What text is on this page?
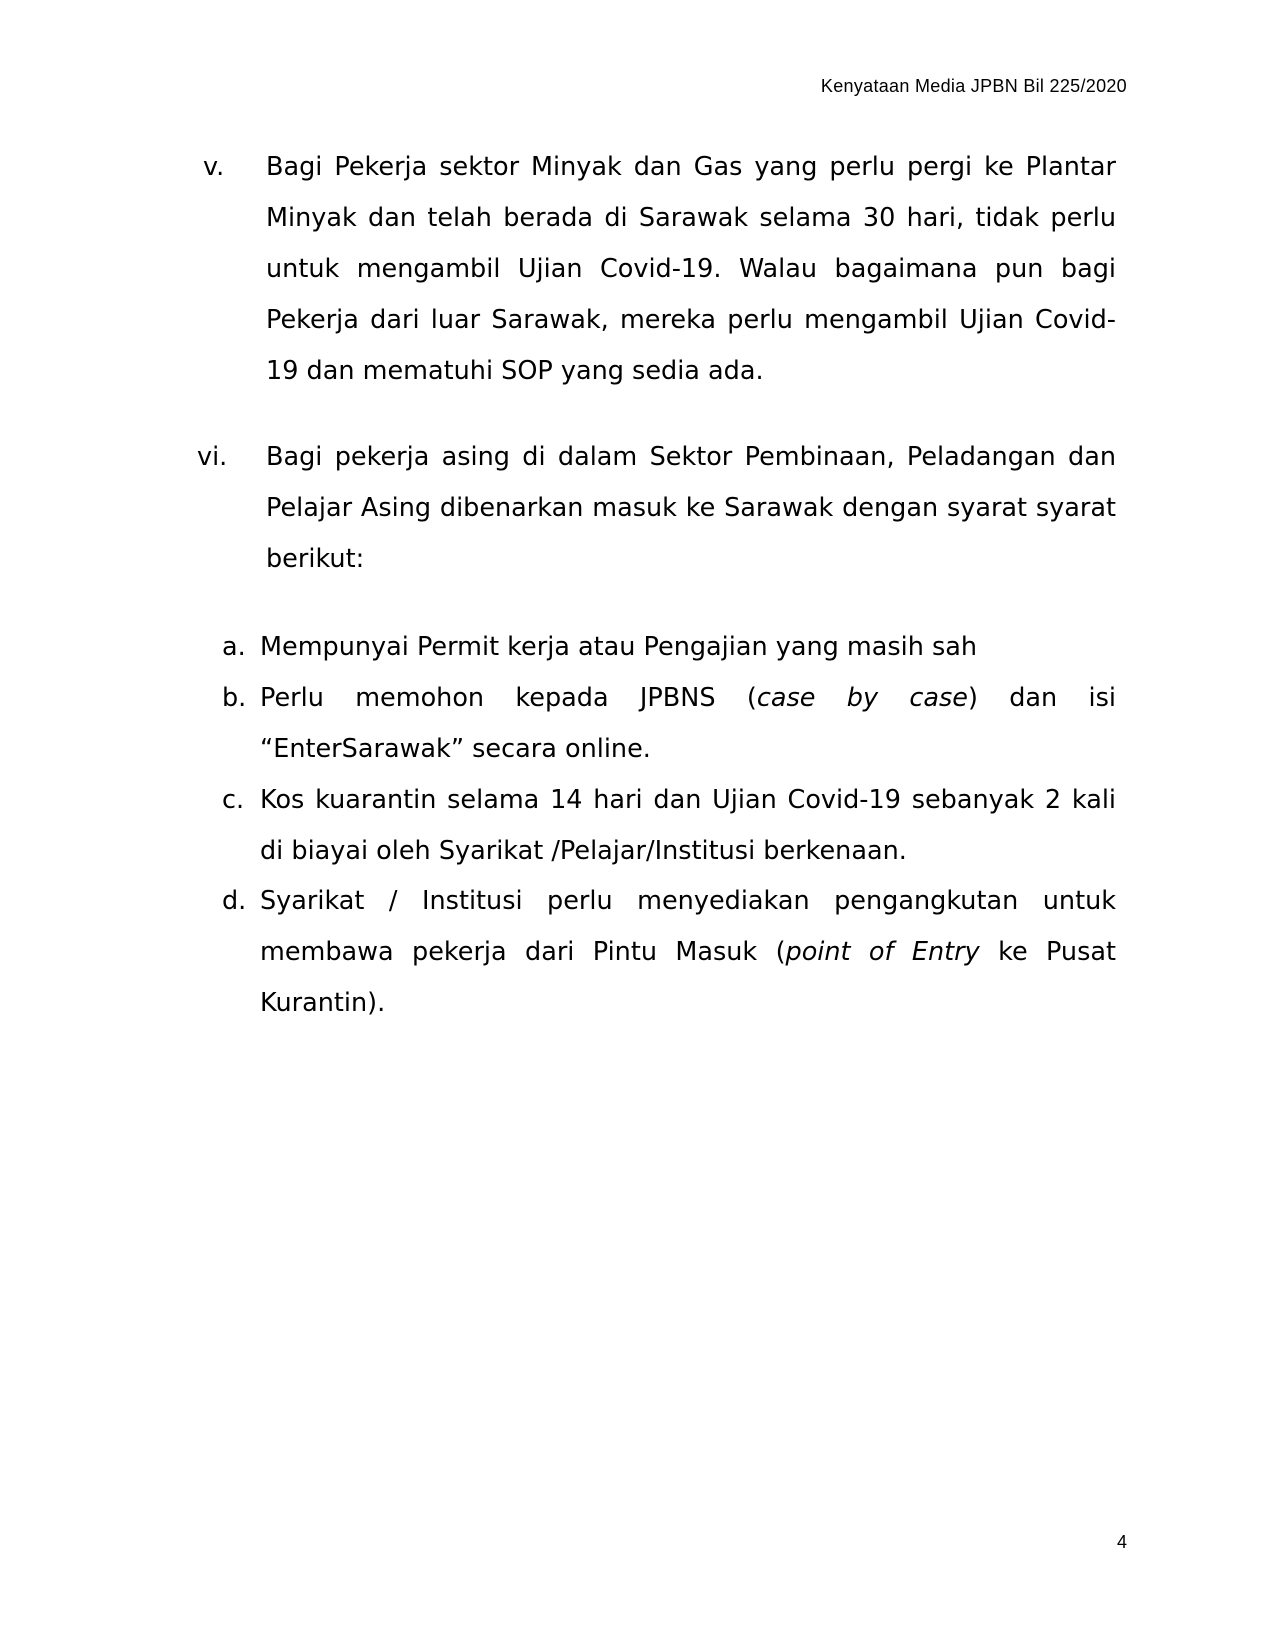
Kenyataan Media JPBN Bil 225/2020
v. Bagi Pekerja sektor Minyak dan Gas yang perlu pergi ke Plantar Minyak dan telah berada di Sarawak selama 30 hari, tidak perlu untuk mengambil Ujian Covid-19. Walau bagaimana pun bagi Pekerja dari luar Sarawak, mereka perlu mengambil Ujian Covid-19 dan mematuhi SOP yang sedia ada.

vi. Bagi pekerja asing di dalam Sektor Pembinaan, Peladangan dan Pelajar Asing dibenarkan masuk ke Sarawak dengan syarat syarat berikut:

a. Mempunyai Permit kerja atau Pengajian yang masih sah

b. Perlu memohon kepada JPBNS (case by case) dan isi “EnterSarawak” secara online.

c. Kos kuarantin selama 14 hari dan Ujian Covid-19 sebanyak 2 kali di biayai oleh Syarikat /Pelajar/Institusi berkenaan.

d. Syarikat / Institusi perlu menyediakan pengangkutan untuk membawa pekerja dari Pintu Masuk (point of Entry ke Pusat Kurantin).

4
